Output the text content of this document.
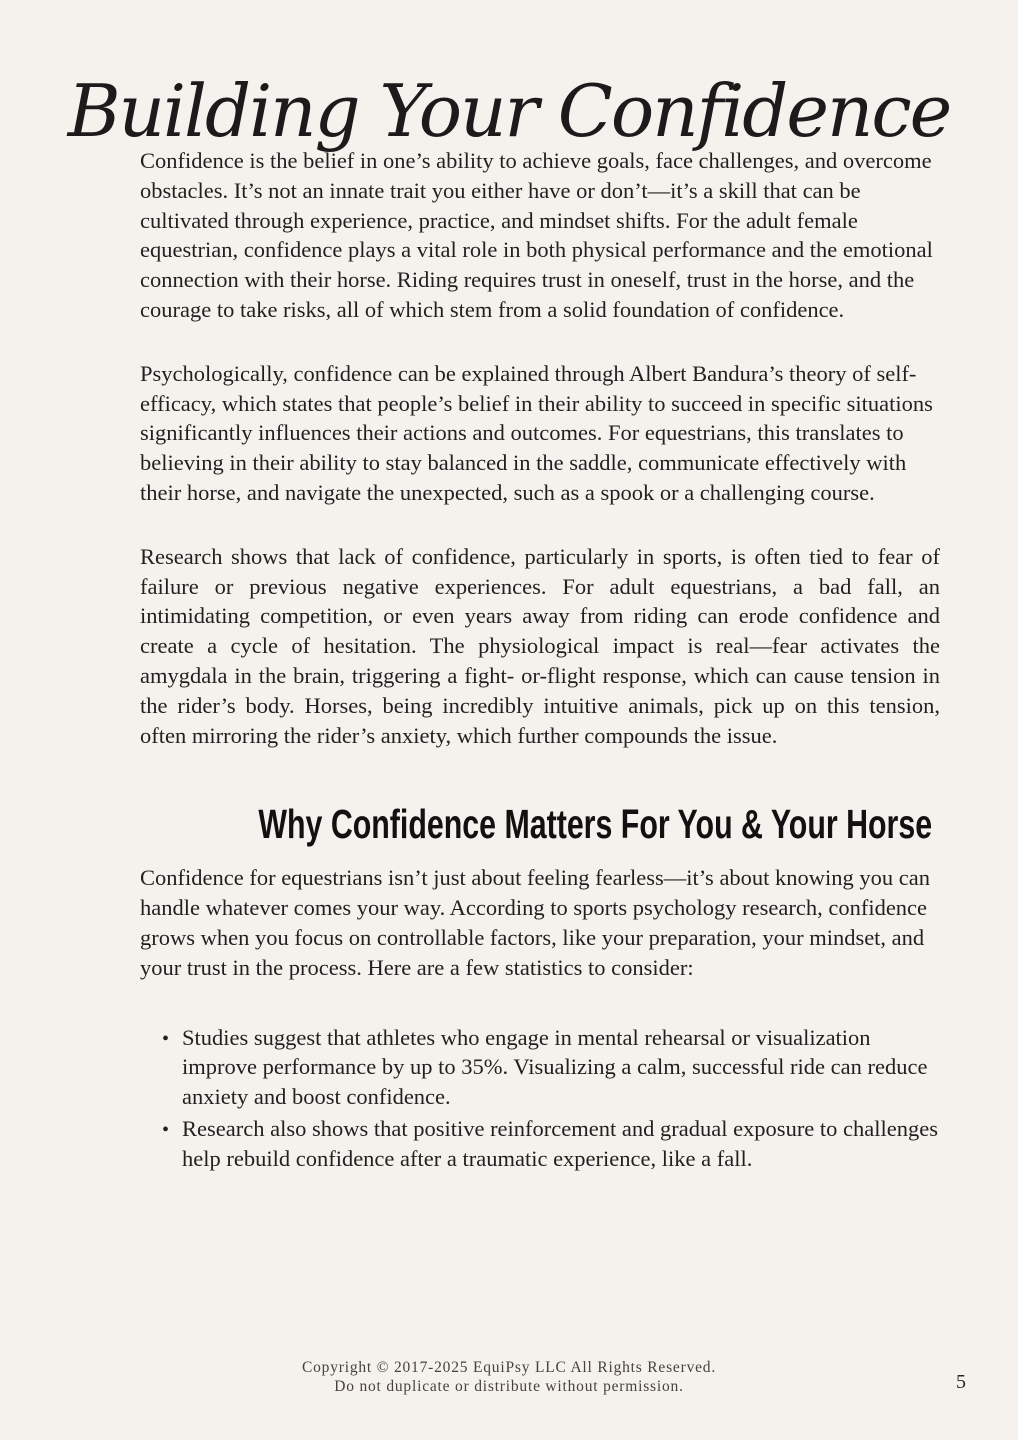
Building Your Confidence

Confidence is the belief in one’s ability to achieve goals, face challenges, and overcome obstacles. It’s not an innate trait you either have or don’t—it’s a skill that can be cultivated through experience, practice, and mindset shifts. For the adult female equestrian, confidence plays a vital role in both physical performance and the emotional connection with their horse. Riding requires trust in oneself, trust in the horse, and the courage to take risks, all of which stem from a solid foundation of confidence.

Psychologically, confidence can be explained through Albert Bandura’s theory of self-efficacy, which states that people’s belief in their ability to succeed in specific situations significantly influences their actions and outcomes. For equestrians, this translates to believing in their ability to stay balanced in the saddle, communicate effectively with their horse, and navigate the unexpected, such as a spook or a challenging course.

Research shows that lack of confidence, particularly in sports, is often tied to fear of failure or previous negative experiences. For adult equestrians, a bad fall, an intimidating competition, or even years away from riding can erode confidence and create a cycle of hesitation. The physiological impact is real—fear activates the amygdala in the brain, triggering a fight- or-flight response, which can cause tension in the rider’s body. Horses, being incredibly intuitive animals, pick up on this tension, often mirroring the rider’s anxiety, which further compounds the issue.

Why Confidence Matters For You & Your Horse

Confidence for equestrians isn’t just about feeling fearless—it’s about knowing you can handle whatever comes your way. According to sports psychology research, confidence grows when you focus on controllable factors, like your preparation, your mindset, and your trust in the process. Here are a few statistics to consider:

• Studies suggest that athletes who engage in mental rehearsal or visualization improve performance by up to 35%. Visualizing a calm, successful ride can reduce anxiety and boost confidence.
• Research also shows that positive reinforcement and gradual exposure to challenges help rebuild confidence after a traumatic experience, like a fall.
Copyright © 2017-2025 EquiPsy LLC All Rights Reserved.
Do not duplicate or distribute without permission.	5
